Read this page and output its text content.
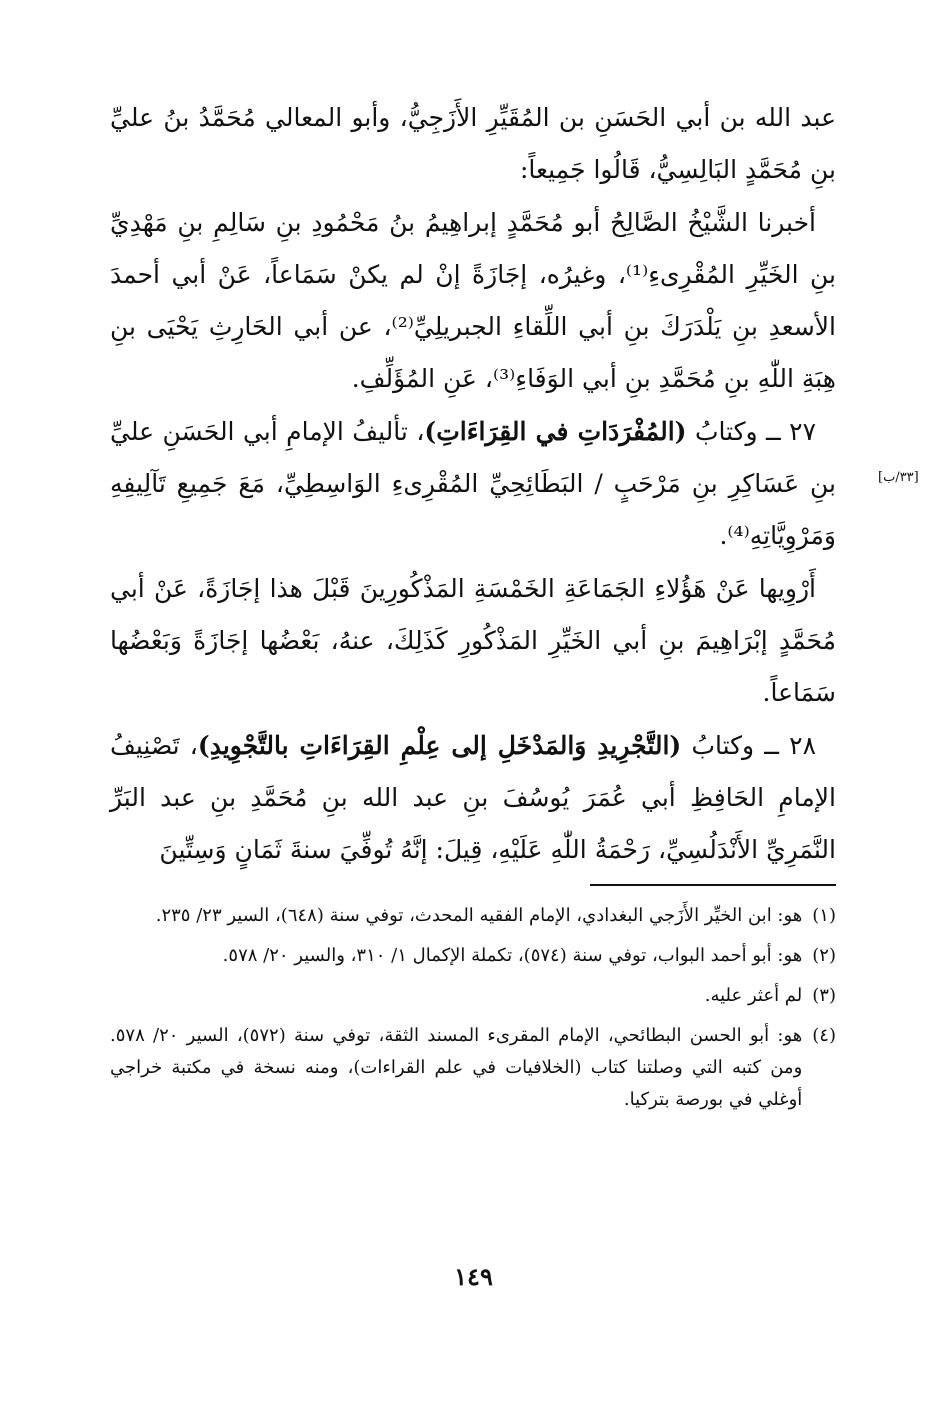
عبد الله بن أبي الحَسَنِ بن المُقَيِّرِ الأَزَجِيُّ، وأبو المعالي مُحَمَّدُ بنُ عليِّ بنِ مُحَمَّدٍ البَالِسِيُّ، قَالُوا جَمِيعاً:

أخبرنا الشَّيْخُ الصَّالِحُ أبو مُحَمَّدٍ إبراهِيمُ بنُ مَحْمُودِ بنِ سَالِمِ بنِ مَهْدِيِّ بنِ الخَيِّرِ المُقْرِىءِ⁽¹⁾، وغيرُه، إجَازَةً إنْ لم يكنْ سَمَاعاً، عَنْ أبي أحمدَ الأسعدِ بنِ يَلْدَرَكَ بنِ أبي اللِّقاءِ الجبريلِيِّ⁽²⁾، عن أبي الحَارِثِ يَحْيَى بنِ هِبَةِ اللّٰهِ بنِ مُحَمَّدِ بنِ أبي الوَفَاءِ⁽³⁾، عَنِ المُؤَلِّفِ.

٢٧ ــ وكتابُ (المُفْرَدَاتِ في القِرَاءَاتِ)، تأليفُ الإمامِ أبي الحَسَنِ عليِّ بنِ عَسَاكِرِ بنِ مَرْحَبٍ / البَطَائِحِيِّ المُقْرِىءِ الوَاسِطِيِّ، مَعَ جَمِيعِ تَآلِيفِهِ وَمَرْوِيَّاتِهِ⁽⁴⁾.

أَرْوِيها عَنْ هَؤُلاءِ الجَمَاعَةِ الخَمْسَةِ المَذْكُورِينَ قَبْلَ هذا إجَازَةً، عَنْ أبي مُحَمَّدٍ إبْرَاهِيمَ بنِ أبي الخَيِّرِ المَذْكُورِ كَذَلِكَ، عنهُ، بَعْضُها إجَازَةً وَبَعْضُها سَمَاعاً.

٢٨ ــ وكتابُ (التَّجْرِيدِ وَالمَدْخَلِ إلى عِلْمِ القِرَاءَاتِ بالتَّجْوِيدِ)، تَصْنِيفُ الإمامِ الحَافِظِ أبي عُمَرَ يُوسُفَ بنِ عبد الله بنِ مُحَمَّدِ بنِ عبد البَرِّ النَّمَرِيِّ الأَنْدَلُسِيِّ، رَحْمَةُ اللّٰهِ عَلَيْهِ، قِيلَ: إنَّهُ تُوفِّيَ سنةَ ثَمَانٍ وَسِتِّينَ

[٣٣/ب]
(١)
هو: ابن الخيِّر الأَزَجي البغدادي، الإمام الفقيه المحدث، توفي سنة (٦٤٨)، السير ٢٣/ ٢٣٥.
(٢)
هو: أبو أحمد البواب، توفي سنة (٥٧٤)، تكملة الإكمال ١/ ٣١٠، والسير ٢٠/ ٥٧٨.
(٣)
لم أعثر عليه.
(٤)
هو: أبو الحسن البطائحي، الإمام المقرىء المسند الثقة، توفي سنة (٥٧٢)، السير ٢٠/ ٥٧٨. ومن كتبه التي وصلتنا كتاب (الخلافيات في علم القراءات)، ومنه نسخة في مكتبة خراجي أوغلي في بورصة بتركيا.
١٤٩
